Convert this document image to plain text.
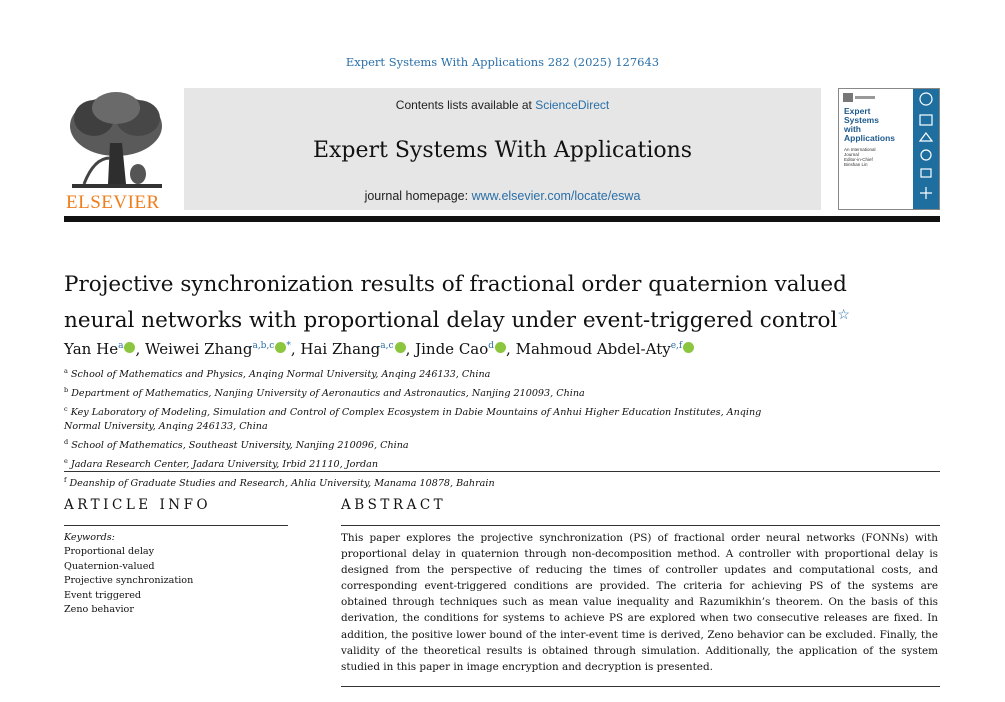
Expert Systems With Applications 282 (2025) 127643
ELSEVIER
Contents lists available at ScienceDirect
Expert Systems With Applications
journal homepage: www.elsevier.com/locate/eswa
Expert
Systems
with
Applications
An International
Journal
Editor-in-Chief
Binshan Lin
Projective synchronization results of fractional order quaternion valued
neural networks with proportional delay under event-triggered control☆
Yan He$^a$ , Weiwei Zhang$^{a,b,c}$ *, Hai Zhang$^{a,c}$ , Jinde Cao$^d$ , Mahmoud Abdel-Aty$^{e,f}$
$^a$ School of Mathematics and Physics, Anqing Normal University, Anqing 246133, China
$^b$ Department of Mathematics, Nanjing University of Aeronautics and Astronautics, Nanjing 210093, China
$^c$ Key Laboratory of Modeling, Simulation and Control of Complex Ecosystem in Dabie Mountains of Anhui Higher Education Institutes, Anqing Normal University, Anqing 246133, China
$^d$ School of Mathematics, Southeast University, Nanjing 210096, China
$^e$ Jadara Research Center, Jadara University, Irbid 21110, Jordan
$^f$ Deanship of Graduate Studies and Research, Ahlia University, Manama 10878, Bahrain
ARTICLE INFO	ABSTRACT
Keywords:
Proportional delay
Quaternion-valued
Projective synchronization
Event triggered
Zeno behavior
This paper explores the projective synchronization (PS) of fractional order neural networks (FONNs) with proportional delay in quaternion through non-decomposition method. A controller with proportional delay is designed from the perspective of reducing the times of controller updates and computational costs, and corresponding event-triggered conditions are provided. The criteria for achieving PS of the systems are obtained through techniques such as mean value inequality and Razumikhin’s theorem. On the basis of this derivation, the conditions for systems to achieve PS are explored when two consecutive releases are fixed. In addition, the positive lower bound of the inter-event time is derived, Zeno behavior can be excluded. Finally, the validity of the theoretical results is obtained through simulation. Additionally, the application of the system studied in this paper in image encryption and decryption is presented.
